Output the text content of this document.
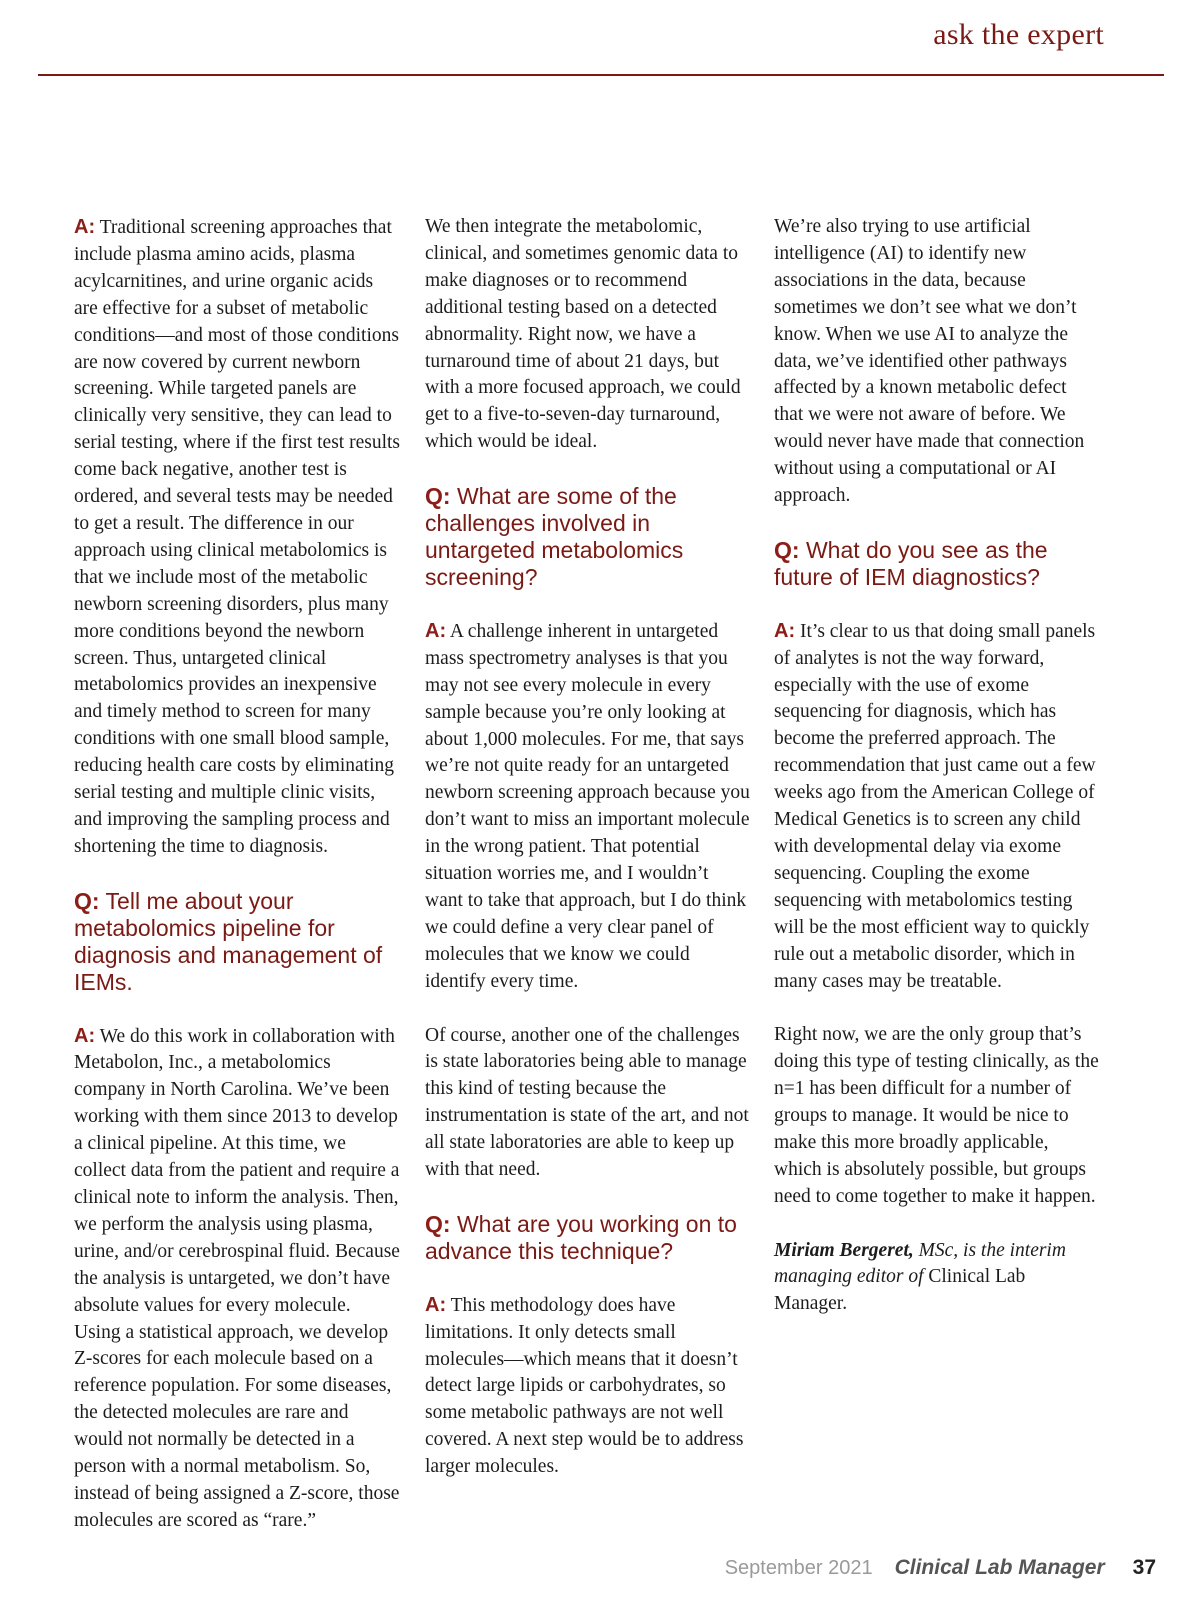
ask the expert

A: Traditional screening approaches that include plasma amino acids, plasma acylcarnitines, and urine organic acids are effective for a subset of metabolic conditions—and most of those conditions are now covered by current newborn screening. While targeted panels are clinically very sensitive, they can lead to serial testing, where if the first test results come back negative, another test is ordered, and several tests may be needed to get a result. The difference in our approach using clinical metabolomics is that we include most of the metabolic newborn screening disorders, plus many more conditions beyond the newborn screen. Thus, untargeted clinical metabolomics provides an inexpensive and timely method to screen for many conditions with one small blood sample, reducing health care costs by eliminating serial testing and multiple clinic visits, and improving the sampling process and shortening the time to diagnosis.

Q: Tell me about your metabolomics pipeline for diagnosis and management of IEMs.

A: We do this work in collaboration with Metabolon, Inc., a metabolomics company in North Carolina. We’ve been working with them since 2013 to develop a clinical pipeline. At this time, we collect data from the patient and require a clinical note to inform the analysis. Then, we perform the analysis using plasma, urine, and/or cerebrospinal fluid. Because the analysis is untargeted, we don’t have absolute values for every molecule. Using a statistical approach, we develop Z-scores for each molecule based on a reference population. For some diseases, the detected molecules are rare and would not normally be detected in a person with a normal metabolism. So, instead of being assigned a Z-score, those molecules are scored as “rare.”

We then integrate the metabolomic, clinical, and sometimes genomic data to make diagnoses or to recommend additional testing based on a detected abnormality. Right now, we have a turnaround time of about 21 days, but with a more focused approach, we could get to a five-to-seven-day turnaround, which would be ideal.

Q: What are some of the challenges involved in untargeted metabolomics screening?

A: A challenge inherent in untargeted mass spectrometry analyses is that you may not see every molecule in every sample because you’re only looking at about 1,000 molecules. For me, that says we’re not quite ready for an untargeted newborn screening approach because you don’t want to miss an important molecule in the wrong patient. That potential situation worries me, and I wouldn’t want to take that approach, but I do think we could define a very clear panel of molecules that we know we could identify every time.

Of course, another one of the challenges is state laboratories being able to manage this kind of testing because the instrumentation is state of the art, and not all state laboratories are able to keep up with that need.

Q: What are you working on to advance this technique?

A: This methodology does have limitations. It only detects small molecules—which means that it doesn’t detect large lipids or carbohydrates, so some metabolic pathways are not well covered. A next step would be to address larger molecules.

We’re also trying to use artificial intelligence (AI) to identify new associations in the data, because sometimes we don’t see what we don’t know. When we use AI to analyze the data, we’ve identified other pathways affected by a known metabolic defect that we were not aware of before. We would never have made that connection without using a computational or AI approach.

Q: What do you see as the future of IEM diagnostics?

A: It’s clear to us that doing small panels of analytes is not the way forward, especially with the use of exome sequencing for diagnosis, which has become the preferred approach. The recommendation that just came out a few weeks ago from the American College of Medical Genetics is to screen any child with developmental delay via exome sequencing. Coupling the exome sequencing with metabolomics testing will be the most efficient way to quickly rule out a metabolic disorder, which in many cases may be treatable.

Right now, we are the only group that’s doing this type of testing clinically, as the n=1 has been difficult for a number of groups to manage. It would be nice to make this more broadly applicable, which is absolutely possible, but groups need to come together to make it happen.

Miriam Bergeret, MSc, is the interim managing editor of Clinical Lab Manager.

September 2021 Clinical Lab Manager 37
